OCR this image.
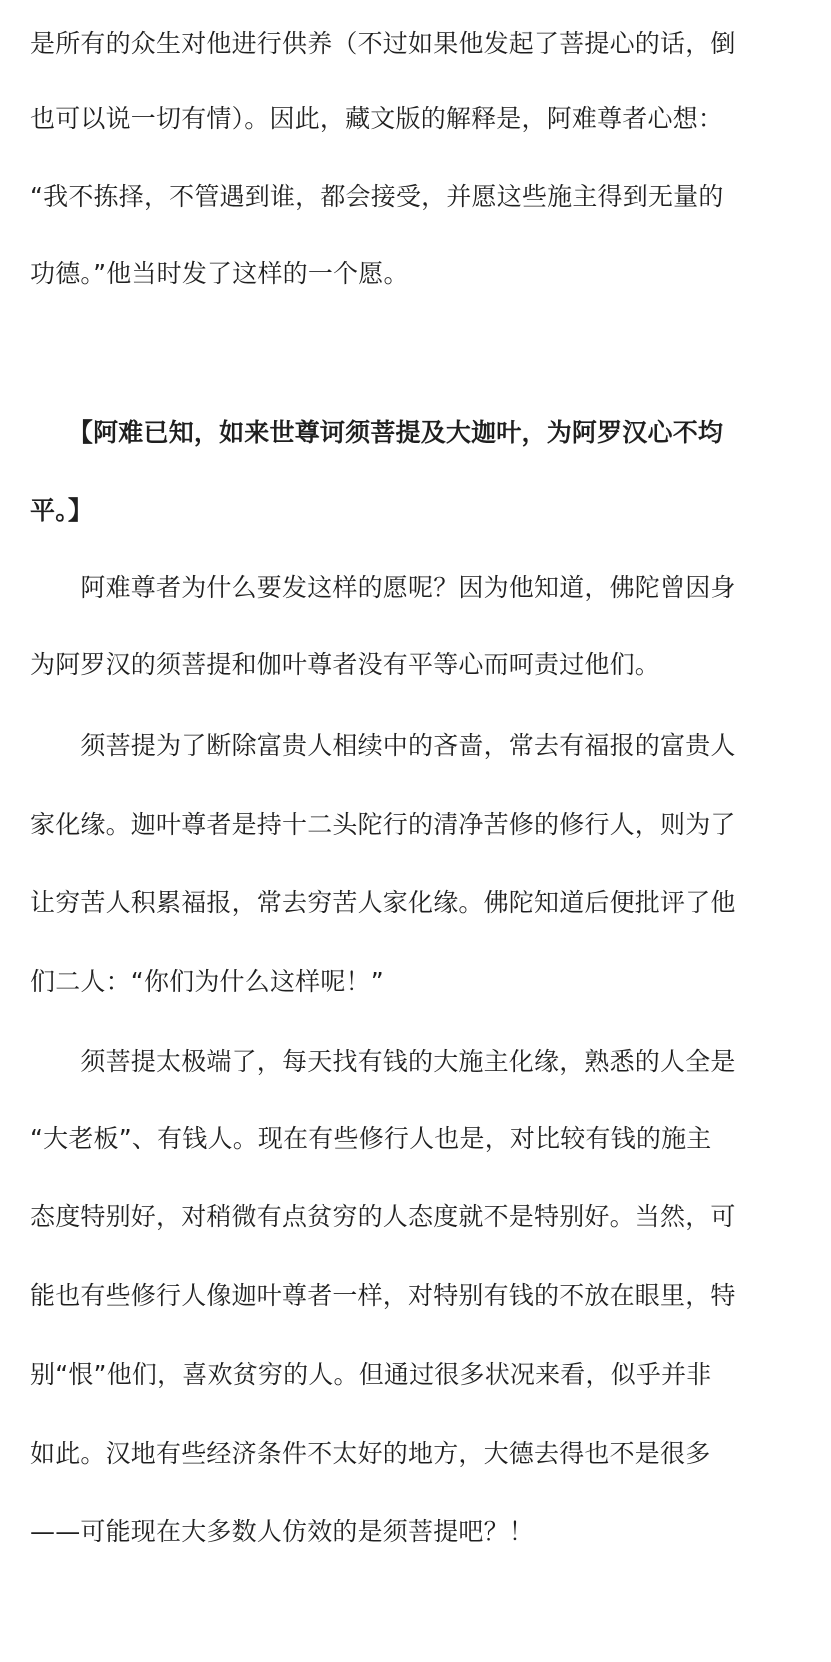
是所有的众生对他进行供养（不过如果他发起了菩提心的话，倒
也可以说一切有情）。因此，藏文版的解释是，阿难尊者心想：
“我不拣择，不管遇到谁，都会接受，并愿这些施主得到无量的
功德。”他当时发了这样的一个愿。
　　【阿难已知，如来世尊诃须菩提及大迦叶，为阿罗汉心不均
平。】
　　阿难尊者为什么要发这样的愿呢？因为他知道，佛陀曾因身
为阿罗汉的须菩提和伽叶尊者没有平等心而呵责过他们。
　　须菩提为了断除富贵人相续中的吝啬，常去有福报的富贵人
家化缘。迦叶尊者是持十二头陀行的清净苦修的修行人，则为了
让穷苦人积累福报，常去穷苦人家化缘。佛陀知道后便批评了他
们二人：“你们为什么这样呢！”
　　须菩提太极端了，每天找有钱的大施主化缘，熟悉的人全是
“大老板”、有钱人。现在有些修行人也是，对比较有钱的施主
态度特别好，对稍微有点贫穷的人态度就不是特别好。当然，可
能也有些修行人像迦叶尊者一样，对特别有钱的不放在眼里，特
别“恨”他们，喜欢贫穷的人。但通过很多状况来看，似乎并非
如此。汉地有些经济条件不太好的地方，大德去得也不是很多
——可能现在大多数人仿效的是须菩提吧？！
